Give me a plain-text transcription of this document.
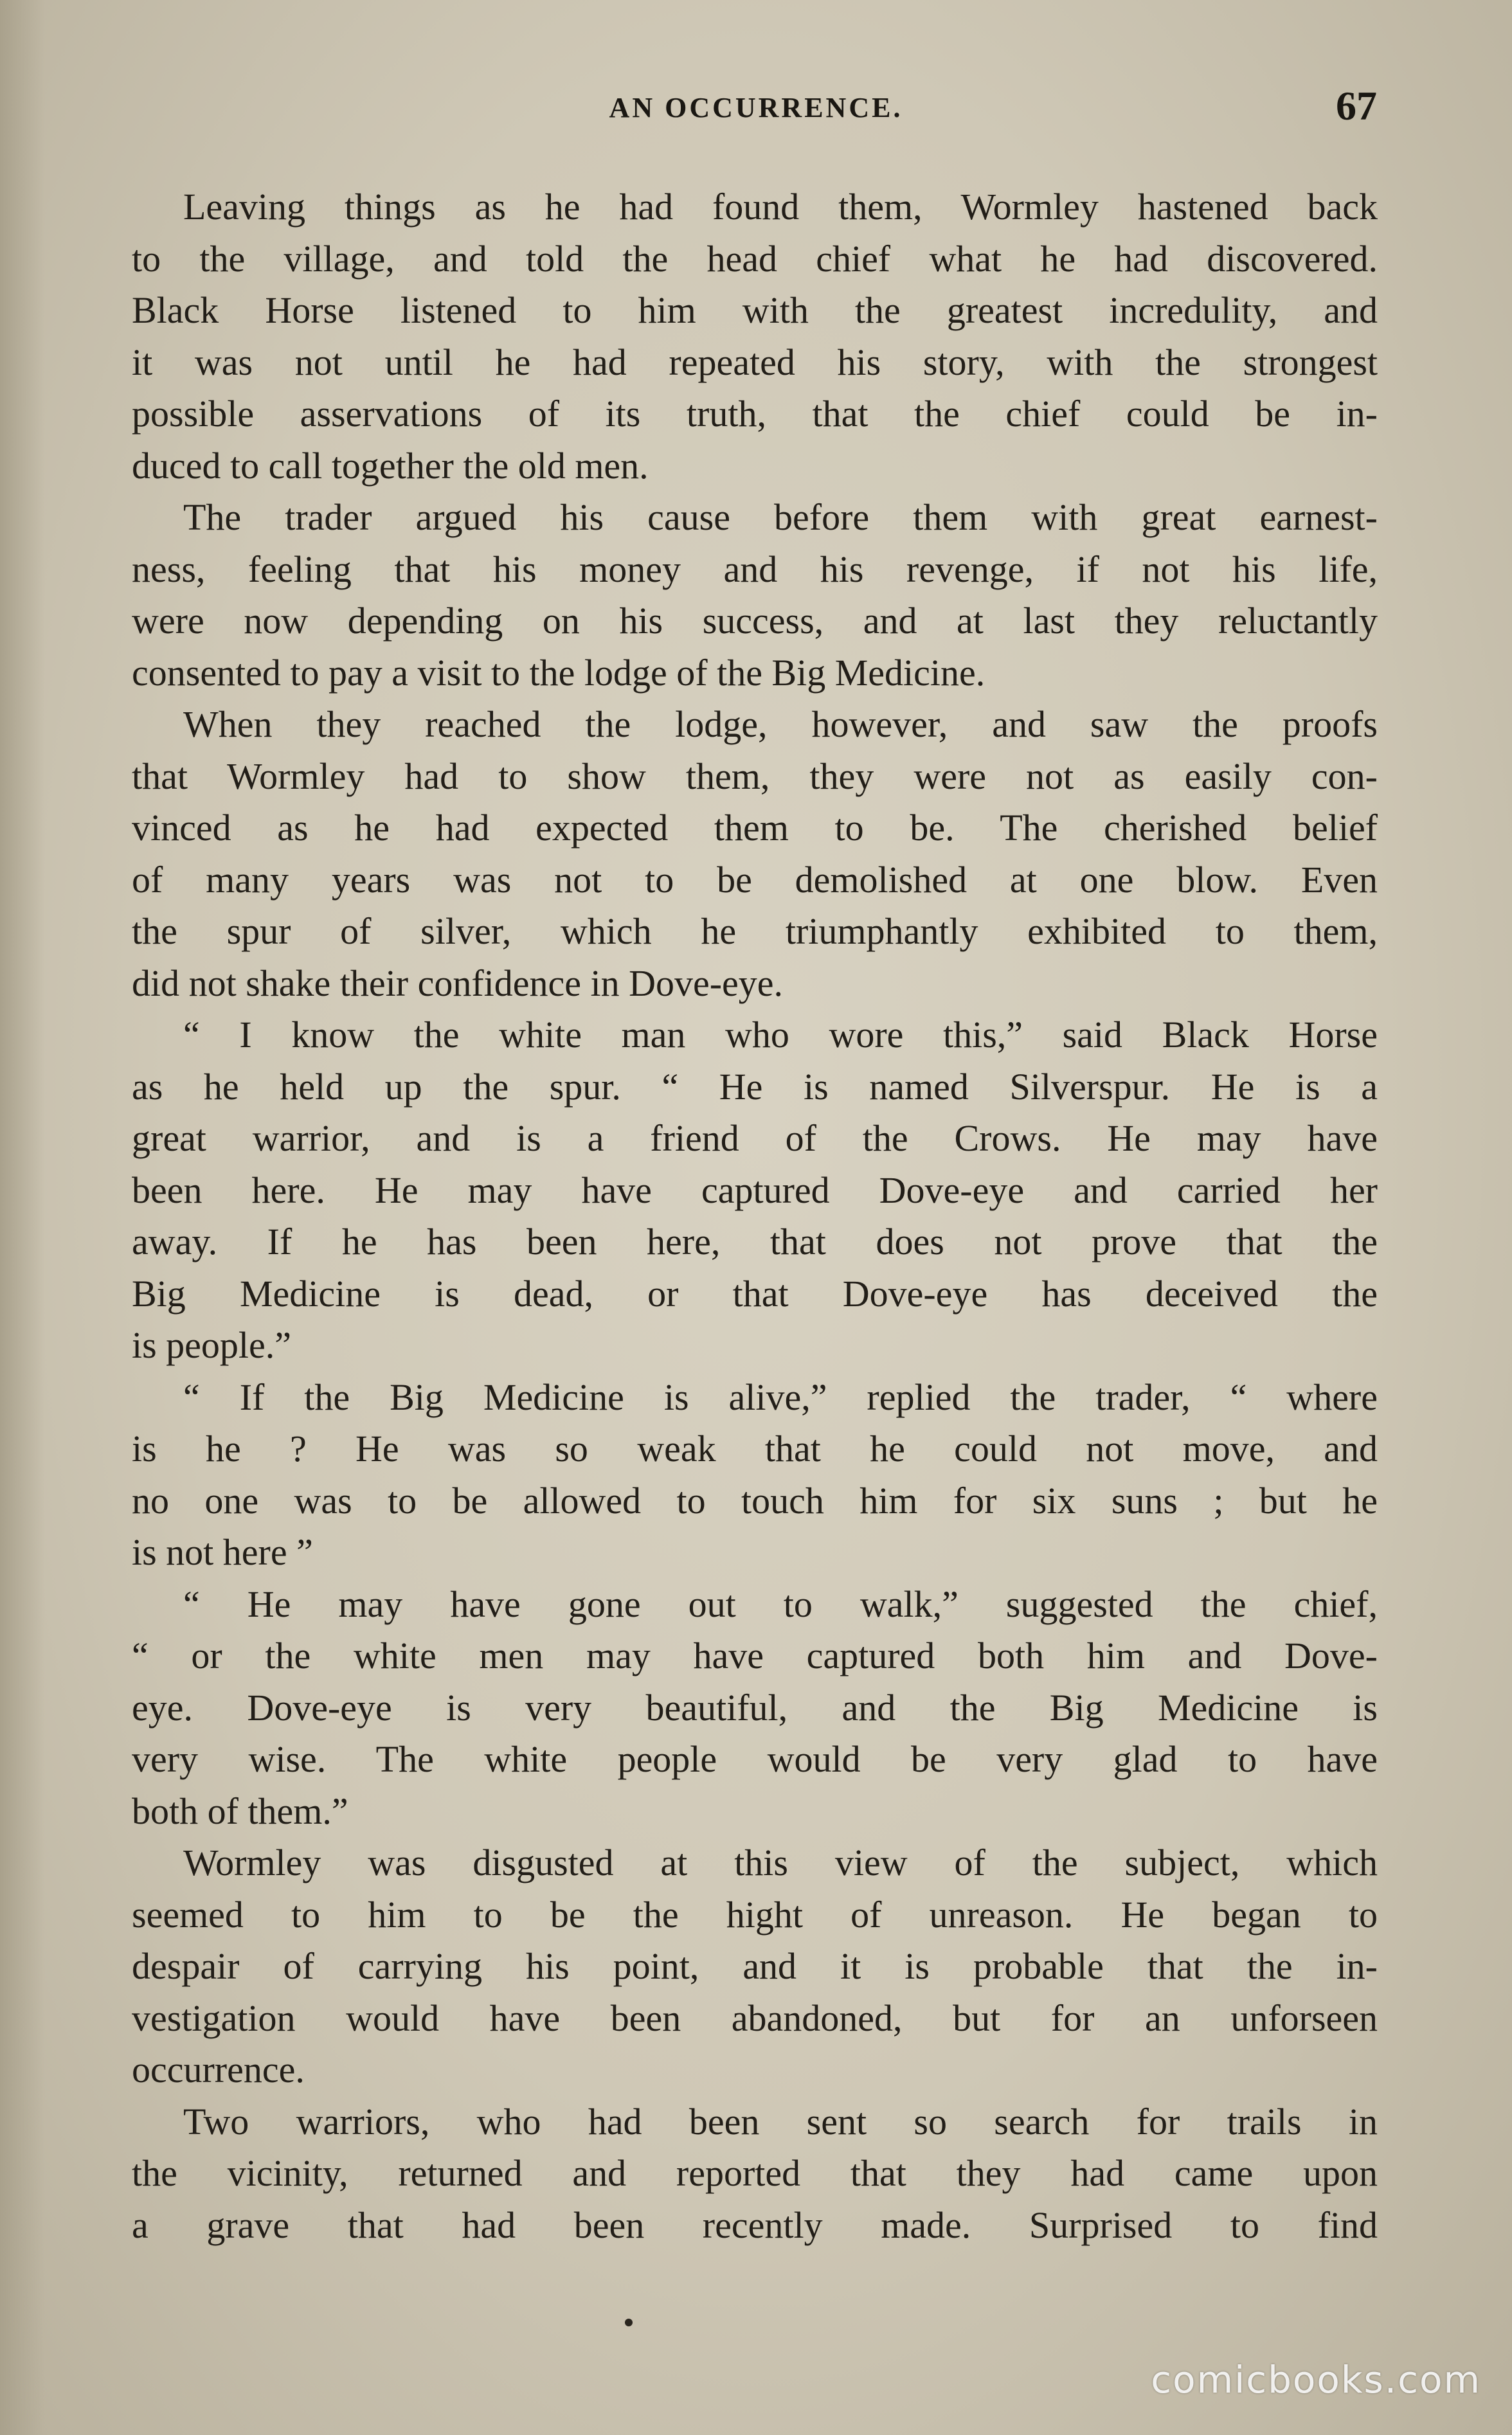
AN OCCURRENCE.	67
Leaving things as he had found them, Wormley hastened back
to the village, and told the head chief what he had discovered.
Black Horse listened to him with the greatest incredulity, and
it was not until he had repeated his story, with the strongest
possible asservations of its truth, that the chief could be in-
duced to call together the old men.
The trader argued his cause before them with great earnest-
ness, feeling that his money and his revenge, if not his life,
were now depending on his success, and at last they reluctantly
consented to pay a visit to the lodge of the Big Medicine.
When they reached the lodge, however, and saw the proofs
that Wormley had to show them, they were not as easily con-
vinced as he had expected them to be. The cherished belief
of many years was not to be demolished at one blow. Even
the spur of silver, which he triumphantly exhibited to them,
did not shake their confidence in Dove-eye.
“ I know the white man who wore this,” said Black Horse
as he held up the spur. “ He is named Silverspur. He is a
great warrior, and is a friend of the Crows. He may have
been here. He may have captured Dove-eye and carried her
away. If he has been here, that does not prove that the
Big Medicine is dead, or that Dove-eye has deceived the
is people.”
“ If the Big Medicine is alive,” replied the trader, “ where
is he ? He was so weak that he could not move, and
no one was to be allowed to touch him for six suns ; but he
is not here ”
“ He may have gone out to walk,” suggested the chief,
“ or the white men may have captured both him and Dove-
eye. Dove-eye is very beautiful, and the Big Medicine is
very wise. The white people would be very glad to have
both of them.”
Wormley was disgusted at this view of the subject, which
seemed to him to be the hight of unreason. He began to
despair of carrying his point, and it is probable that the in-
vestigation would have been abandoned, but for an unforseen
occurrence.
Two warriors, who had been sent so search for trails in
the vicinity, returned and reported that they had came upon
a grave that had been recently made. Surprised to find
comicbooks.com
